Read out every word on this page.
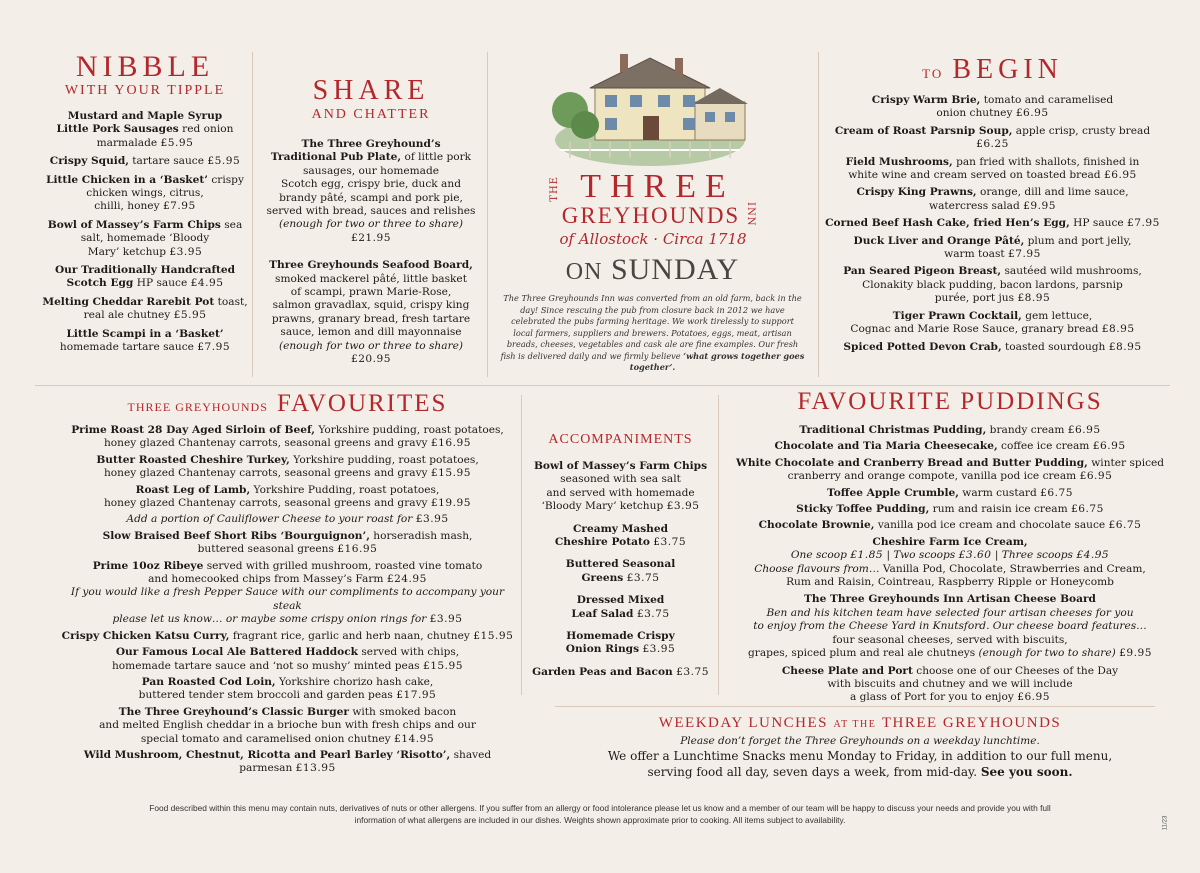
NIBBLE
WITH YOUR TIPPLE
Mustard and Maple Syrup
Little Pork Sausages red onion marmalade £5.95
Crispy Squid, tartare sauce £5.95
Little Chicken in a ‘Basket’ crispy chicken wings, citrus,
chilli, honey £7.95
Bowl of Massey’s Farm Chips sea salt, homemade ‘Bloody
Mary’ ketchup £3.95
Our Traditionally Handcrafted
Scotch Egg HP sauce £4.95
Melting Cheddar Rarebit Pot toast, real ale chutney £5.95
Little Scampi in a ‘Basket’ homemade tartare sauce £7.95
SHARE
AND CHATTER
The Three Greyhound’s
Traditional Pub Plate, of little pork sausages, our homemade
Scotch egg, crispy brie, duck and
brandy pâté, scampi and pork pie,
served with bread, sauces and relishes
(enough for two or three to share) £21.95
Three Greyhounds Seafood Board, smoked mackerel pâté, little basket
of scampi, prawn Marie-Rose,
salmon gravadlax, squid, crispy king
prawns, granary bread, fresh tartare
sauce, lemon and dill mayonnaise
(enough for two or three to share) £20.95
THE THREE
GREYHOUNDS INN
of Allostock · Circa 1718
ON SUNDAY
The Three Greyhounds Inn was converted from an old farm, back in the day! Since rescuing the pub from closure back in 2012 we have celebrated the pubs farming heritage. We work tirelessly to support local farmers, suppliers and brewers. Potatoes, eggs, meat, artisan breads, cheeses, vegetables and cask ale are fine examples. Our fresh fish is delivered daily and we firmly believe ‘what grows together goes together’.
TO BEGIN
Crispy Warm Brie, tomato and caramelised
onion chutney £6.95
Cream of Roast Parsnip Soup, apple crisp, crusty bread £6.25
Field Mushrooms, pan fried with shallots, finished in
white wine and cream served on toasted bread £6.95
Crispy King Prawns, orange, dill and lime sauce,
watercress salad £9.95
Corned Beef Hash Cake, fried Hen’s Egg, HP sauce £7.95
Duck Liver and Orange Pâté, plum and port jelly,
warm toast £7.95
Pan Seared Pigeon Breast, sautéed wild mushrooms,
Clonakity black pudding, bacon lardons, parsnip
purée, port jus £8.95
Tiger Prawn Cocktail, gem lettuce,
Cognac and Marie Rose Sauce, granary bread £8.95
Spiced Potted Devon Crab, toasted sourdough £8.95
THREE GREYHOUNDS FAVOURITES
Prime Roast 28 Day Aged Sirloin of Beef, Yorkshire pudding, roast potatoes,
honey glazed Chantenay carrots, seasonal greens and gravy £16.95
Butter Roasted Cheshire Turkey, Yorkshire pudding, roast potatoes,
honey glazed Chantenay carrots, seasonal greens and gravy £15.95
Roast Leg of Lamb, Yorkshire Pudding, roast potatoes,
honey glazed Chantenay carrots, seasonal greens and gravy £19.95
Add a portion of Cauliflower Cheese to your roast for £3.95
Slow Braised Beef Short Ribs ‘Bourguignon’, horseradish mash,
buttered seasonal greens £16.95
Prime 10oz Ribeye served with grilled mushroom, roasted vine tomato
and homecooked chips from Massey’s Farm £24.95
If you would like a fresh Pepper Sauce with our compliments to accompany your steak
please let us know… or maybe some crispy onion rings for £3.95
Crispy Chicken Katsu Curry, fragrant rice, garlic and herb naan, chutney £15.95
Our Famous Local Ale Battered Haddock served with chips,
homemade tartare sauce and ‘not so mushy’ minted peas £15.95
Pan Roasted Cod Loin, Yorkshire chorizo hash cake,
buttered tender stem broccoli and garden peas £17.95
The Three Greyhound’s Classic Burger with smoked bacon
and melted English cheddar in a brioche bun with fresh chips and our
special tomato and caramelised onion chutney £14.95
Wild Mushroom, Chestnut, Ricotta and Pearl Barley ‘Risotto’, shaved parmesan £13.95
ACCOMPANIMENTS
Bowl of Massey’s Farm Chips seasoned with sea salt
and served with homemade
‘Bloody Mary’ ketchup £3.95
Creamy Mashed
Cheshire Potato £3.75
Buttered Seasonal
Greens £3.75
Dressed Mixed
Leaf Salad £3.75
Homemade Crispy
Onion Rings £3.95
Garden Peas and Bacon £3.75
FAVOURITE PUDDINGS
Traditional Christmas Pudding, brandy cream £6.95
Chocolate and Tia Maria Cheesecake, coffee ice cream £6.95
White Chocolate and Cranberry Bread and Butter Pudding, winter spiced
cranberry and orange compote, vanilla pod ice cream £6.95
Toffee Apple Crumble, warm custard £6.75
Sticky Toffee Pudding, rum and raisin ice cream £6.75
Chocolate Brownie, vanilla pod ice cream and chocolate sauce £6.75
Cheshire Farm Ice Cream,
One scoop £1.85 | Two scoops £3.60 | Three scoops £4.95
Choose flavours from… Vanilla Pod, Chocolate, Strawberries and Cream,
Rum and Raisin, Cointreau, Raspberry Ripple or Honeycomb
The Three Greyhounds Inn Artisan Cheese Board
Ben and his kitchen team have selected four artisan cheeses for you
to enjoy from the Cheese Yard in Knutsford. Our cheese board features…
four seasonal cheeses, served with biscuits,
grapes, spiced plum and real ale chutneys (enough for two to share) £9.95
Cheese Plate and Port choose one of our Cheeses of the Day
with biscuits and chutney and we will include
a glass of Port for you to enjoy £6.95
WEEKDAY LUNCHES AT THE THREE GREYHOUNDS
Please don’t forget the Three Greyhounds on a weekday lunchtime.
We offer a Lunchtime Snacks menu Monday to Friday, in addition to our full menu,
serving food all day, seven days a week, from mid-day. See you soon.
Food described within this menu may contain nuts, derivatives of nuts or other allergens. If you suffer from an allergy or food intolerance please let us know and a member of our team will be happy to discuss your needs and provide you with full information of what allergens are included in our dishes. Weights shown approximate prior to cooking. All items subject to availability.	11/23
